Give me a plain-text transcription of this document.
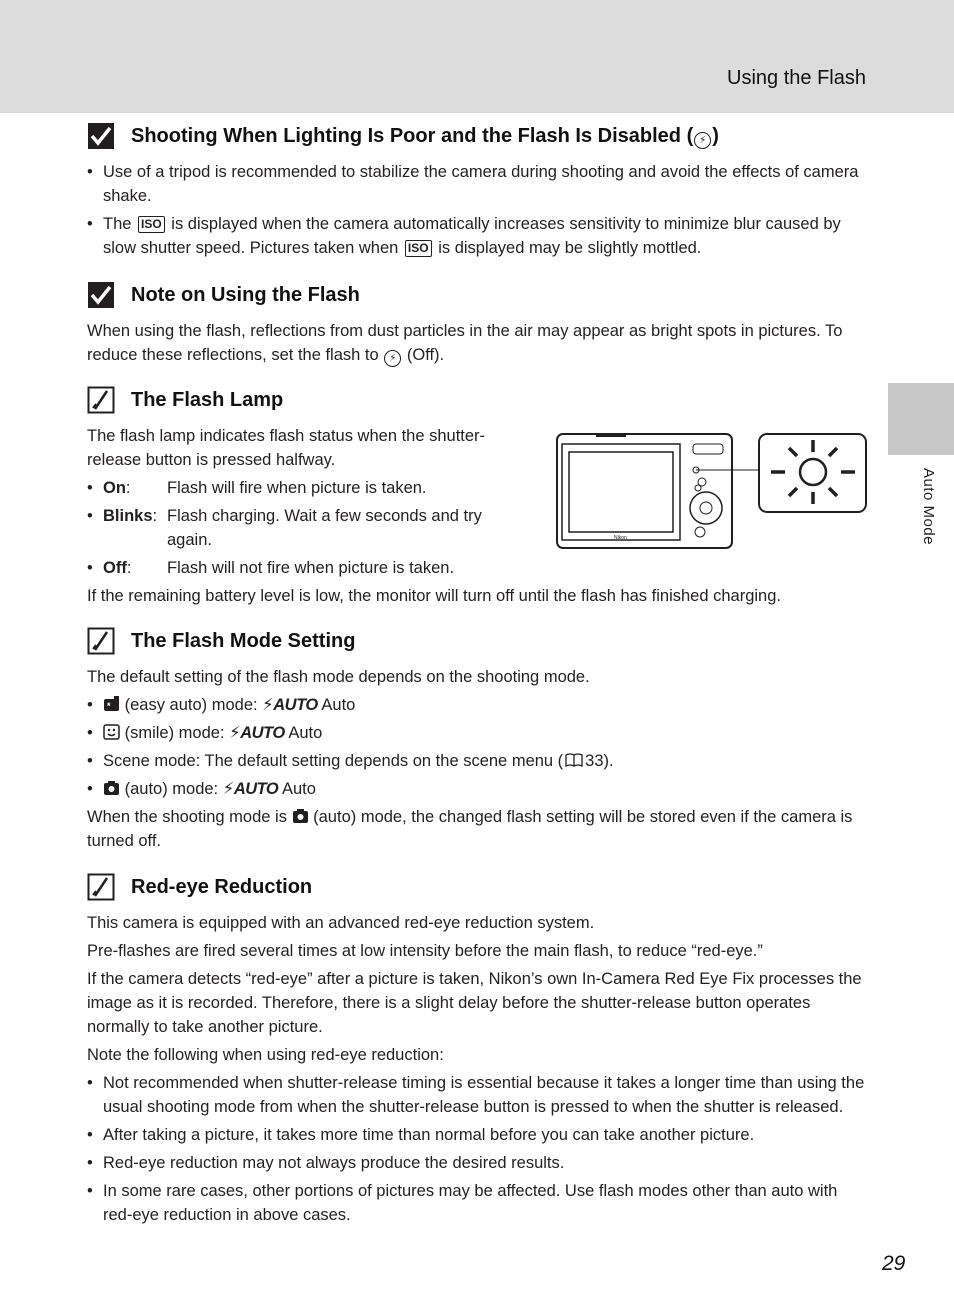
Using the Flash
Auto Mode
Shooting When Lighting Is Poor and the Flash Is Disabled ( ⚡ )
• Use of a tripod is recommended to stabilize the camera during shooting and avoid the effects of camera shake.
• The ISO is displayed when the camera automatically increases sensitivity to minimize blur caused by slow shutter speed. Pictures taken when ISO is displayed may be slightly mottled.
Note on Using the Flash

When using the flash, reflections from dust particles in the air may appear as bright spots in pictures. To reduce these reflections, set the flash to ⚡ (Off).

The Flash Lamp

The flash lamp indicates flash status when the shutter-release button is pressed halfway.

• On:	Flash will fire when picture is taken.
• Blinks: Flash charging. Wait a few seconds and try again.
• Off:	Flash will not fire when picture is taken.

If the remaining battery level is low, the monitor will turn off until the flash has finished charging.

Nikon
The Flash Mode Setting

The default setting of the flash mode depends on the shooting mode.

• * (easy auto) mode: ⚡AUTO Auto
• (smile) mode: ⚡AUTO Auto
• Scene mode: The default setting depends on the scene menu ( 33).
• (auto) mode: ⚡AUTO Auto

When the shooting mode is (auto) mode, the changed flash setting will be stored even if the camera is turned off.

Red-eye Reduction

This camera is equipped with an advanced red-eye reduction system.

Pre-flashes are fired several times at low intensity before the main flash, to reduce “red-eye.”

If the camera detects “red-eye” after a picture is taken, Nikon’s own In-Camera Red Eye Fix processes the image as it is recorded. Therefore, there is a slight delay before the shutter-release button operates normally to take another picture.

Note the following when using red-eye reduction:

• Not recommended when shutter-release timing is essential because it takes a longer time than using the usual shooting mode from when the shutter-release button is pressed to when the shutter is released.
• After taking a picture, it takes more time than normal before you can take another picture.
• Red-eye reduction may not always produce the desired results.
• In some rare cases, other portions of pictures may be affected. Use flash modes other than auto with red-eye reduction in above cases.
29
